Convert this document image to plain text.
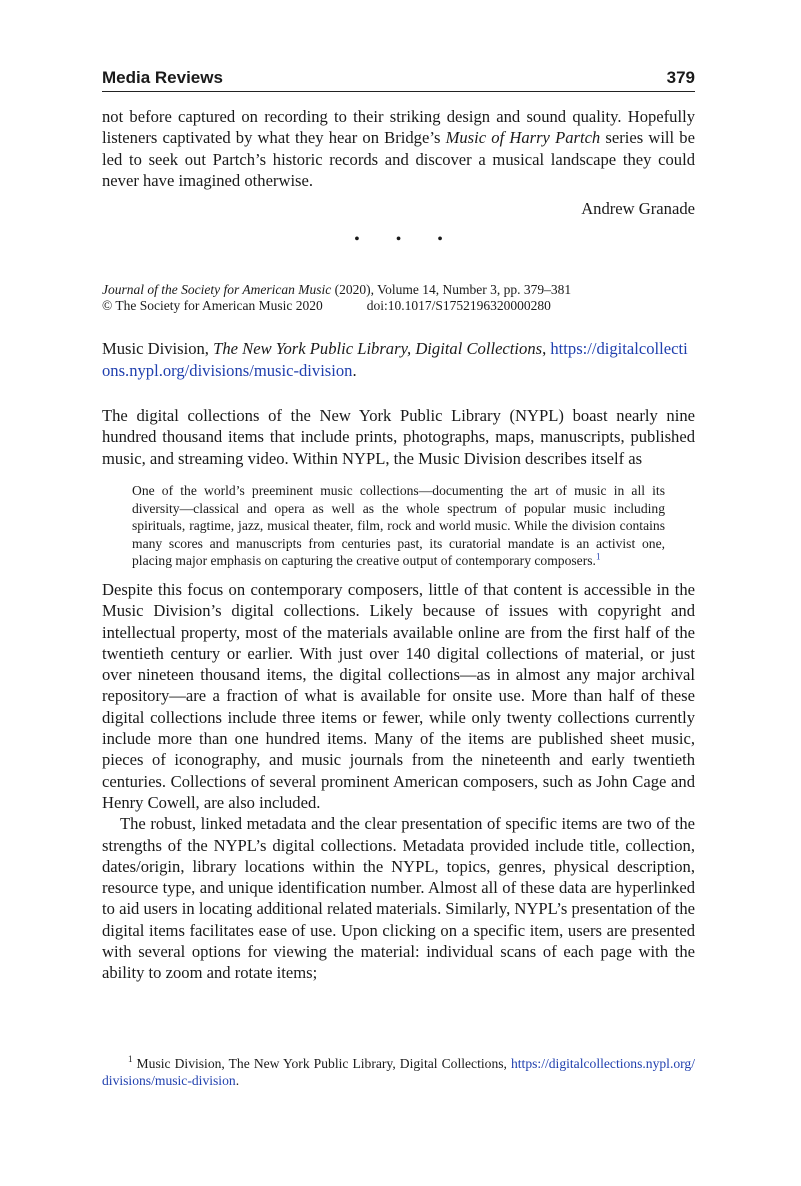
Media Reviews	379

not before captured on recording to their striking design and sound quality. Hopefully listeners captivated by what they hear on Bridge’s Music of Harry Partch series will be led to seek out Partch’s historic records and discover a musical landscape they could never have imagined otherwise.

Andrew Granade
• • •
Journal of the Society for American Music (2020), Volume 14, Number 3, pp. 379–381
© The Society for American Music 2020	doi:10.1017/S1752196320000280

Music Division, The New York Public Library, Digital Collections, https://digitalcollections.nypl.org/divisions/music-division.

The digital collections of the New York Public Library (NYPL) boast nearly nine hundred thousand items that include prints, photographs, maps, manuscripts, published music, and streaming video. Within NYPL, the Music Division describes itself as

One of the world’s preeminent music collections—documenting the art of music in all its diversity—classical and opera as well as the whole spectrum of popular music including spirituals, ragtime, jazz, musical theater, film, rock and world music. While the division contains many scores and manuscripts from centuries past, its curatorial mandate is an activist one, placing major emphasis on capturing the creative output of contemporary composers.$^1$

Despite this focus on contemporary composers, little of that content is accessible in the Music Division’s digital collections. Likely because of issues with copyright and intellectual property, most of the materials available online are from the first half of the twentieth century or earlier. With just over 140 digital collections of material, or just over nineteen thousand items, the digital collections—as in almost any major archival repository—are a fraction of what is available for onsite use. More than half of these digital collections include three items or fewer, while only twenty collections currently include more than one hundred items. Many of the items are published sheet music, pieces of iconography, and music journals from the nineteenth and early twentieth centuries. Collections of several prominent American composers, such as John Cage and Henry Cowell, are also included.

The robust, linked metadata and the clear presentation of specific items are two of the strengths of the NYPL’s digital collections. Metadata provided include title, collection, dates/origin, library locations within the NYPL, topics, genres, physical description, resource type, and unique identification number. Almost all of these data are hyperlinked to aid users in locating additional related materials. Similarly, NYPL’s presentation of the digital items facilitates ease of use. Upon clicking on a specific item, users are presented with several options for viewing the material: individual scans of each page with the ability to zoom and rotate items;

$^1$ Music Division, The New York Public Library, Digital Collections, https://digitalcollections.nypl.org/divisions/music-division.
